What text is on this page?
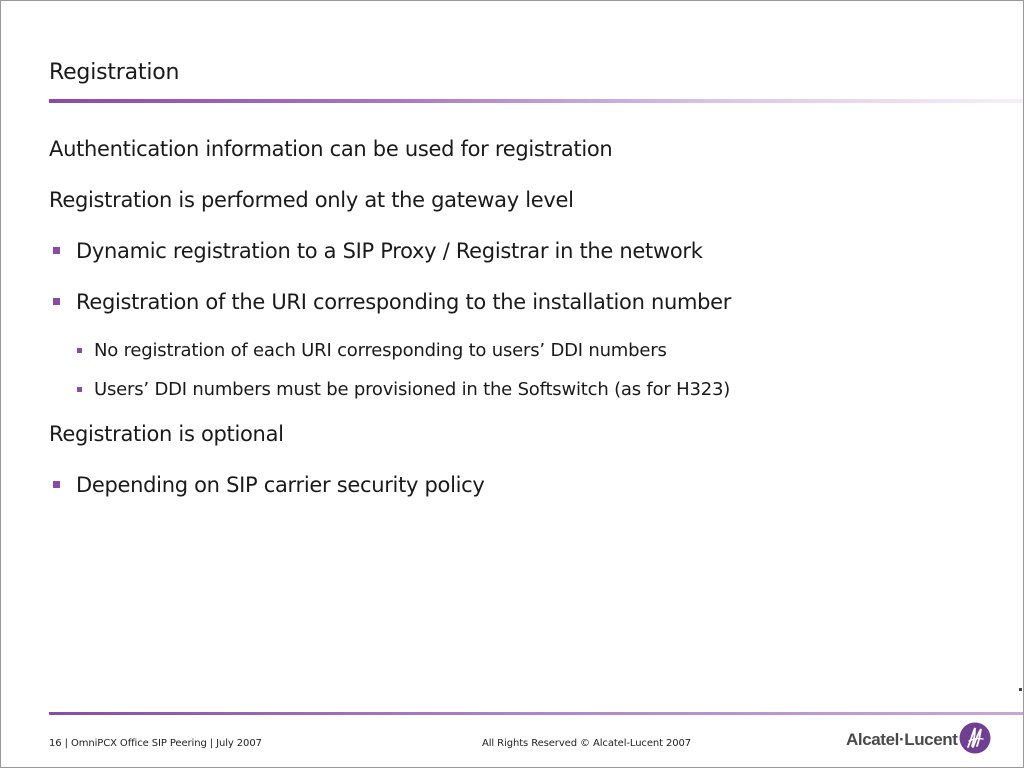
Registration
Authentication information can be used for registration
Registration is performed only at the gateway level
Dynamic registration to a SIP Proxy / Registrar in the network
Registration of the URI corresponding to the installation number
No registration of each URI corresponding to users’ DDI numbers
Users’ DDI numbers must be provisioned in the Softswitch (as for H323)
Registration is optional
Depending on SIP carrier security policy
16 | OmniPCX Office SIP Peering | July 2007	All Rights Reserved © Alcatel-Lucent 2007	Alcatel·Lucent
